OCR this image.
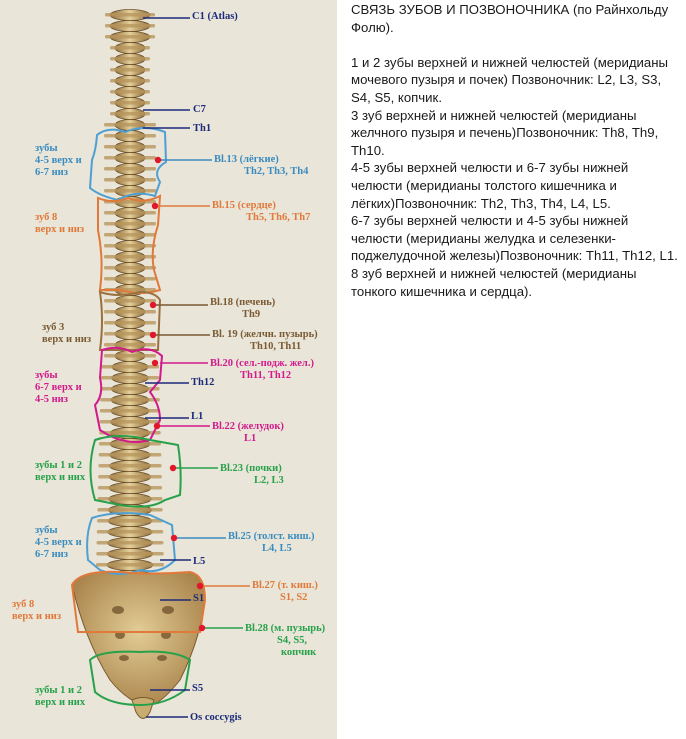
C1 (Atlas)
C7
Th1
Th12
L1
L5
S1
S5
Os coccygis
зубы
4-5 верх и
6-7 низ
зуб 8
верх и низ
зуб 3
верх и низ
зубы
6-7 верх и
4-5 низ
зубы 1 и 2
верх и них
зубы
4-5 верх и
6-7 низ
зуб 8
верх и низ
зубы 1 и 2
верх и них
Bl.13 (лёгкие)
Th2, Th3, Th4
Bl.15 (сердце)
Th5, Th6, Th7
Bl.18 (печень)
Th9
Bl. 19 (желчн. пузырь)
Th10, Th11
Bl.20 (сел.-подж. жел.)
Th11, Th12
Bl.22 (желудок)
L1
Bl.23 (почки)
L2, L3
Bl.25 (толст. киш.)
L4, L5
Bl.27 (т. киш.)
S1, S2
Bl.28 (м. пузырь)
S4, S5,
копчик

СВЯЗЬ ЗУБОВ И ПОЗВОНОЧНИКА (по Райнхольду Фолю).

1 и 2 зубы верхней и нижней челюстей (меридианы мочевого пузыря и почек) Позвоночник: L2, L3, S3, S4, S5, копчик.

3 зуб верхней и нижней челюстей (меридианы желчного пузыря и печень)Позвоночник: Th8, Th9, Th10.

4-5 зубы верхней челюсти и 6-7 зубы нижней челюсти (меридианы толстого кишечника и лёгких)Позвоночник: Th2, Th3, Th4, L4, L5.

6-7 зубы верхней челюсти и 4-5 зубы нижней челюсти (меридианы желудка и селезенки-поджелудочной железы)Позвоночник: Th11, Th12, L1.

8 зуб верхней и нижней челюстей (меридианы тонкого кишечника и сердца).
